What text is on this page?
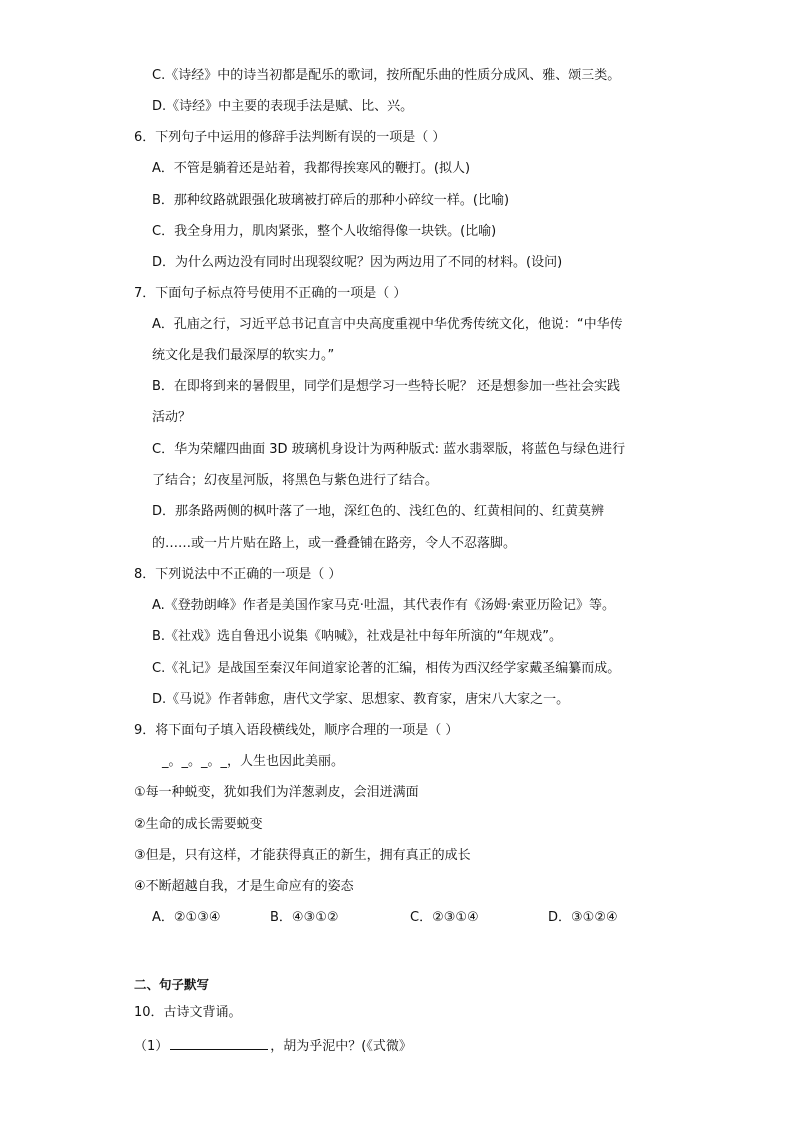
C.《诗经》中的诗当初都是配乐的歌词，按所配乐曲的性质分成风、雅、颂三类。
D.《诗经》中主要的表现手法是赋、比、兴。
6．下列句子中运用的修辞手法判断有误的一项是（ ）
A．不管是躺着还是站着，我都得挨寒风的鞭打。(拟人)
B．那种纹路就跟强化玻璃被打碎后的那种小碎纹一样。(比喻)
C．我全身用力，肌肉紧张，整个人收缩得像一块铁。(比喻)
D．为什么两边没有同时出现裂纹呢？因为两边用了不同的材料。(设问)
7．下面句子标点符号使用不正确的一项是（ ）
A．孔庙之行，习近平总书记直言中央高度重视中华优秀传统文化，他说：“中华传
统文化是我们最深厚的软实力。”
B．在即将到来的暑假里，同学们是想学习一些特长呢？ 还是想参加一些社会实践
活动？
C．华为荣耀四曲面 3D 玻璃机身设计为两种版式: 蓝水翡翠版，将蓝色与绿色进行
了结合；幻夜星河版，将黑色与紫色进行了结合。
D．那条路两侧的枫叶落了一地，深红色的、浅红色的、红黄相间的、红黄莫辨
的……或一片片贴在路上，或一叠叠铺在路旁，令人不忍落脚。
8．下列说法中不正确的一项是（ ）
A.《登勃朗峰》作者是美国作家马克·吐温，其代表作有《汤姆·索亚历险记》等。
B.《社戏》选自鲁迅小说集《呐喊》，社戏是社中每年所演的“年规戏”。
C.《礼记》是战国至秦汉年间道家论著的汇编，相传为西汉经学家戴圣编纂而成。
D.《马说》作者韩愈，唐代文学家、思想家、教育家，唐宋八大家之一。
9．将下面句子填入语段横线处，顺序合理的一项是（ ）
_。_。_。_，人生也因此美丽。
①每一种蜕变，犹如我们为洋葱剥皮，会泪迸满面
②生命的成长需要蜕变
③但是，只有这样，才能获得真正的新生，拥有真正的成长
④不断超越自我，才是生命应有的姿态
A．②①③④	B．④③①②	C．②③①④	D．③①②④
二、句子默写
10．古诗文背诵。
（1）	，胡为乎泥中？(《式微》
